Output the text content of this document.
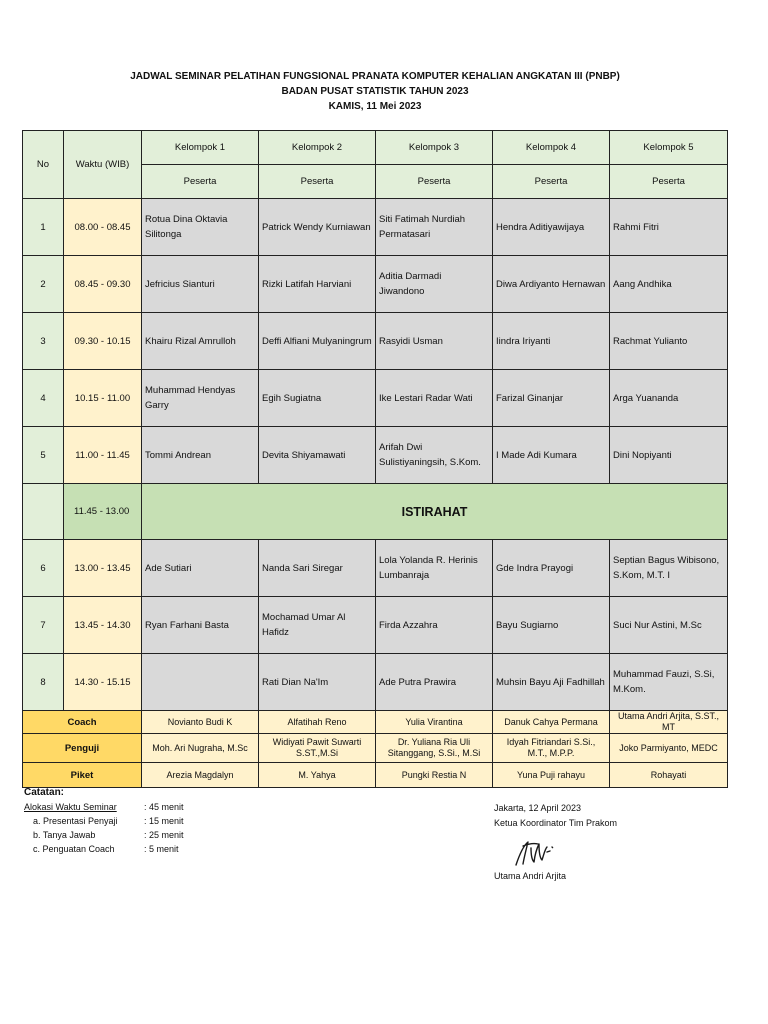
JADWAL SEMINAR PELATIHAN FUNGSIONAL PRANATA KOMPUTER KEHALIAN ANGKATAN III (PNBP)
BADAN PUSAT STATISTIK TAHUN 2023
KAMIS, 11 Mei 2023
No	Waktu (WIB)	Kelompok 1	Kelompok 2	Kelompok 3	Kelompok 4	Kelompok 5
		Peserta	Peserta	Peserta	Peserta	Peserta
1	08.00 - 08.45	Rotua Dina Oktavia Silitonga	Patrick Wendy Kurniawan	Siti Fatimah Nurdiah Permatasari	Hendra Aditiyawijaya	Rahmi Fitri
2	08.45 - 09.30	Jefricius Sianturi	Rizki Latifah Harviani	Aditia Darmadi Jiwandono	Diwa Ardiyanto Hernawan	Aang Andhika
3	09.30 - 10.15	Khairu Rizal Amrulloh	Deffi Alfiani Mulyaningrum	Rasyidi Usman	Iindra Iriyanti	Rachmat Yulianto
4	10.15 - 11.00	Muhammad Hendyas Garry	Egih Sugiatna	Ike Lestari Radar Wati	Farizal Ginanjar	Arga Yuananda
5	11.00 - 11.45	Tommi Andrean	Devita Shiyamawati	Arifah Dwi Sulistiyaningsih, S.Kom.	I Made Adi Kumara	Dini Nopiyanti
	11.45 - 13.00	ISTIRAHAT				
6	13.00 - 13.45	Ade Sutiari	Nanda Sari Siregar	Lola Yolanda R. Herinis Lumbanraja	Gde Indra Prayogi	Septian Bagus Wibisono, S.Kom, M.T. I
7	13.45 - 14.30	Ryan Farhani Basta	Mochamad Umar Al Hafidz	Firda Azzahra	Bayu Sugiarno	Suci Nur Astini, M.Sc
8	14.30 - 15.15		Rati Dian Na'Im	Ade Putra Prawira	Muhsin Bayu Aji Fadhillah	Muhammad Fauzi, S.Si, M.Kom.
Coach		Novianto Budi K	Alfatihah Reno	Yulia Virantina	Danuk Cahya Permana	Utama Andri Arjita, S.ST., MT
Penguji		Moh. Ari Nugraha, M.Sc	Widiyati Pawit Suwarti S.ST.,M.Si	Dr. Yuliana Ria Uli Sitanggang, S.Si., M.Si	Idyah Fitriandari S.Si., M.T., M.P.P.	Joko Parmiyanto, MEDC
Piket		Arezia Magdalyn	M. Yahya	Pungki Restia N	Yuna Puji rahayu	Rohayati
Catatan:
Alokasi Waktu Seminar	: 45 menit
a. Presentasi Penyaji	: 15 menit
b. Tanya Jawab	: 25 menit
c. Penguatan Coach	: 5 menit
Jakarta, 12 April 2023
Ketua Koordinator Tim Prakom
Utama Andri Arjita
